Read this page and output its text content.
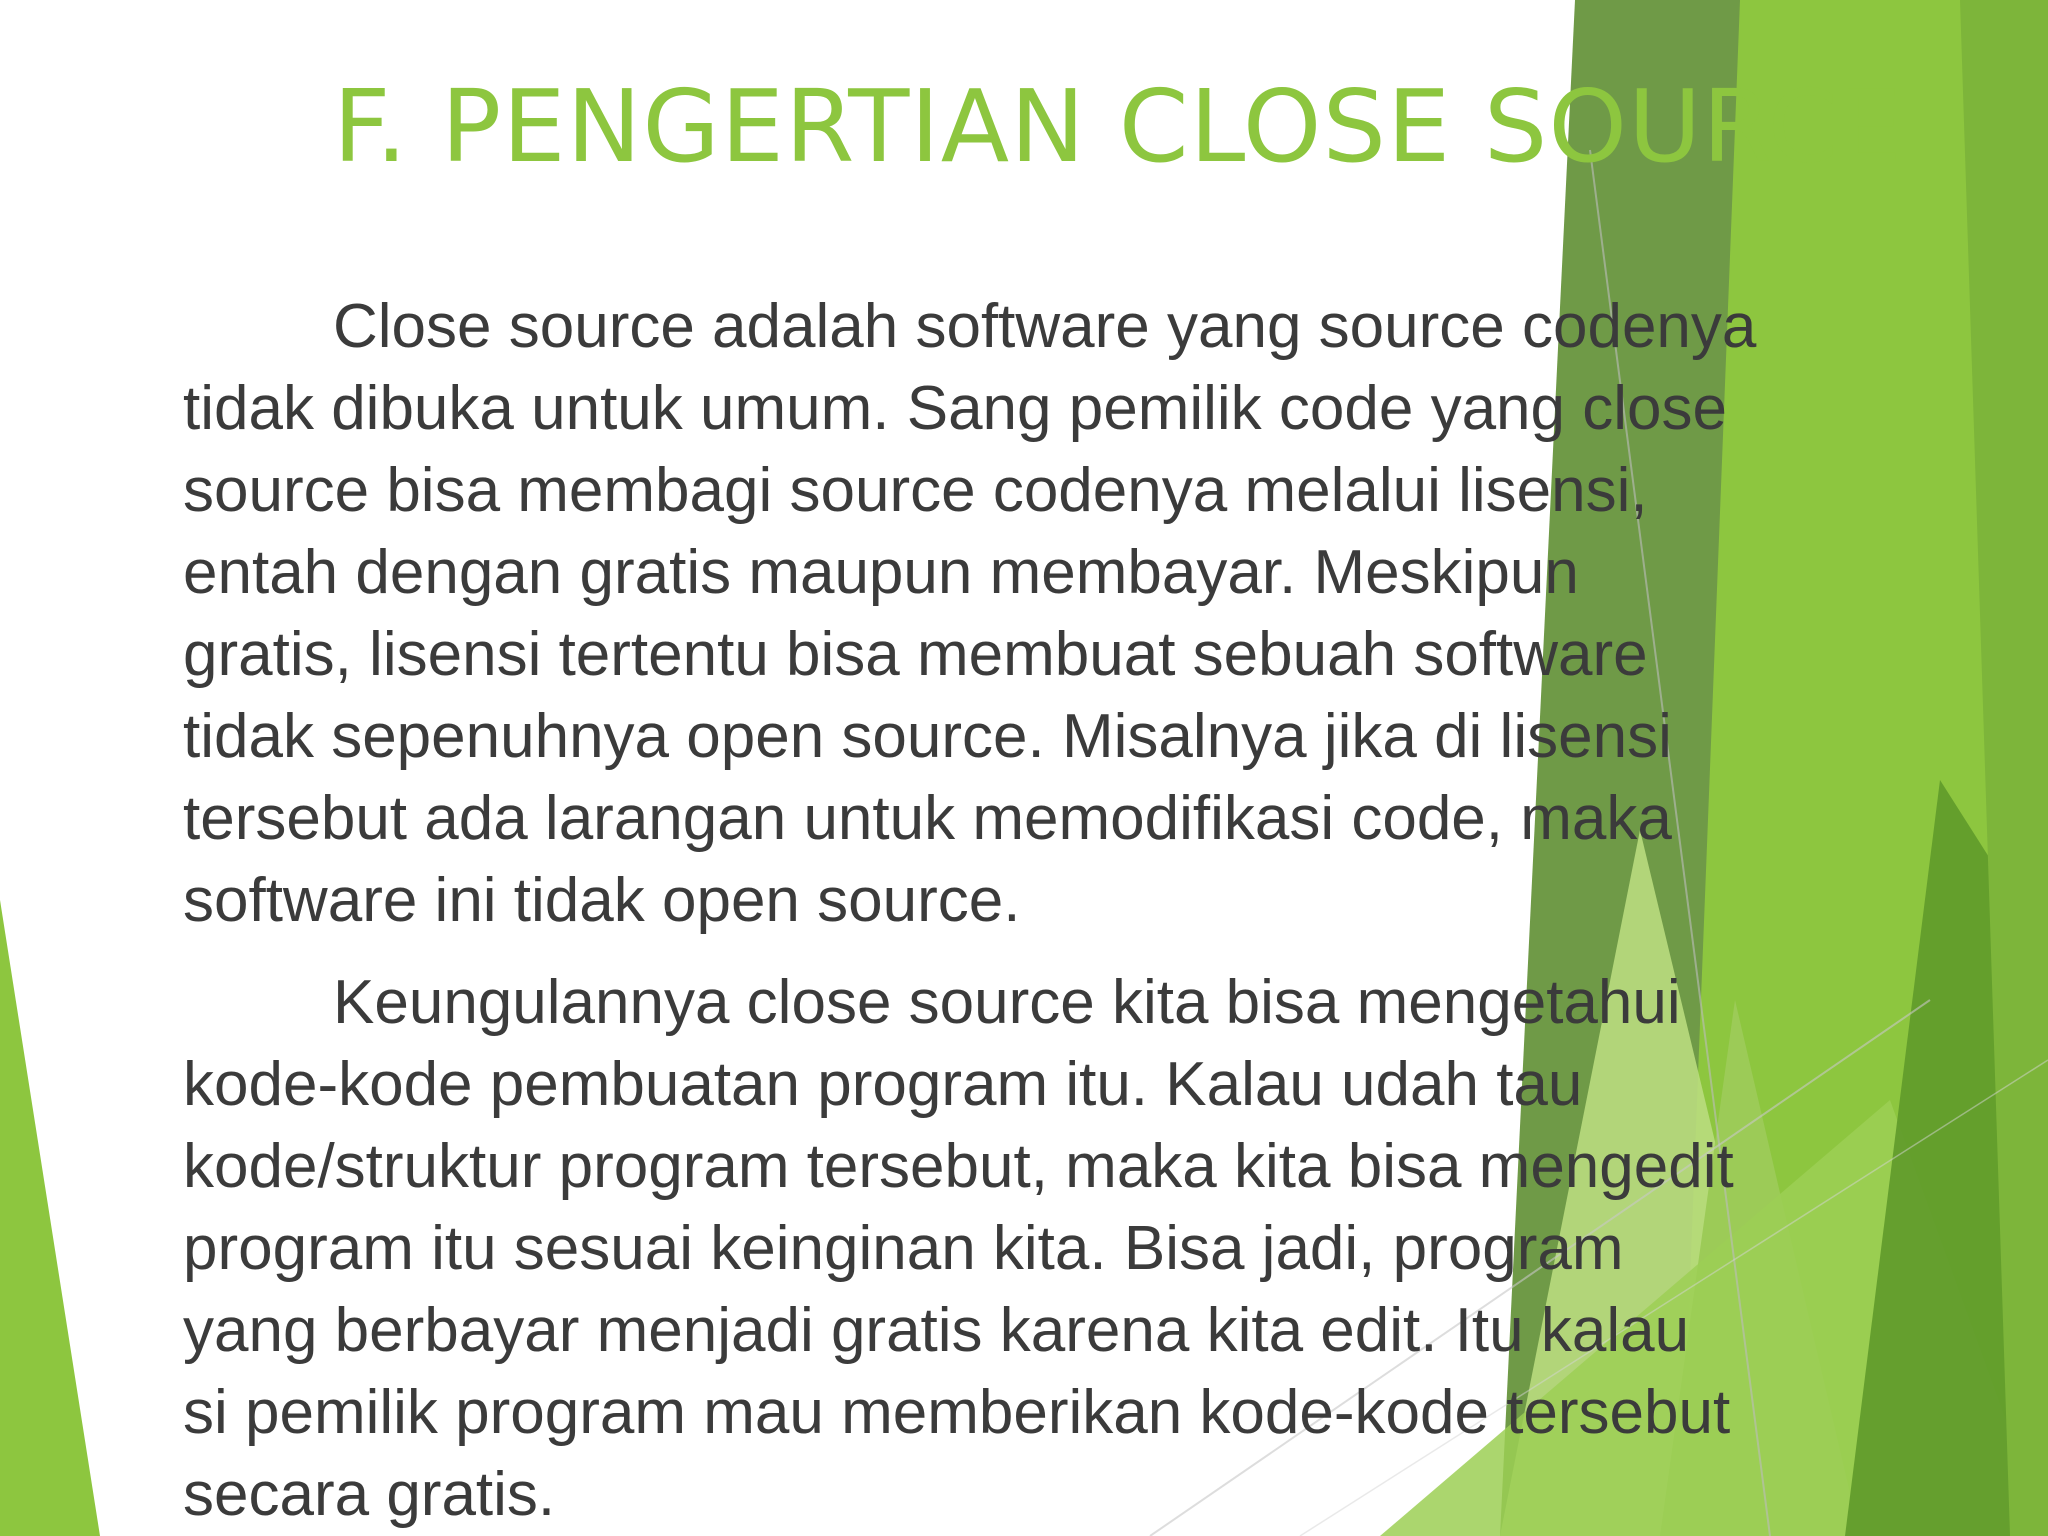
F. PENGERTIAN CLOSE SOURCE

Close source adalah software yang source codenya
tidak dibuka untuk umum. Sang pemilik code yang close
source bisa membagi source codenya melalui lisensi,
entah dengan gratis maupun membayar. Meskipun
gratis, lisensi tertentu bisa membuat sebuah software
tidak sepenuhnya open source. Misalnya jika di lisensi
tersebut ada larangan untuk memodifikasi code, maka
software ini tidak open source.

Keungulannya close source kita bisa mengetahui
kode-kode pembuatan program itu. Kalau udah tau
kode/struktur program tersebut, maka kita bisa mengedit
program itu sesuai keinginan kita. Bisa jadi, program
yang berbayar menjadi gratis karena kita edit. Itu kalau
si pemilik program mau memberikan kode-kode tersebut
secara gratis.
